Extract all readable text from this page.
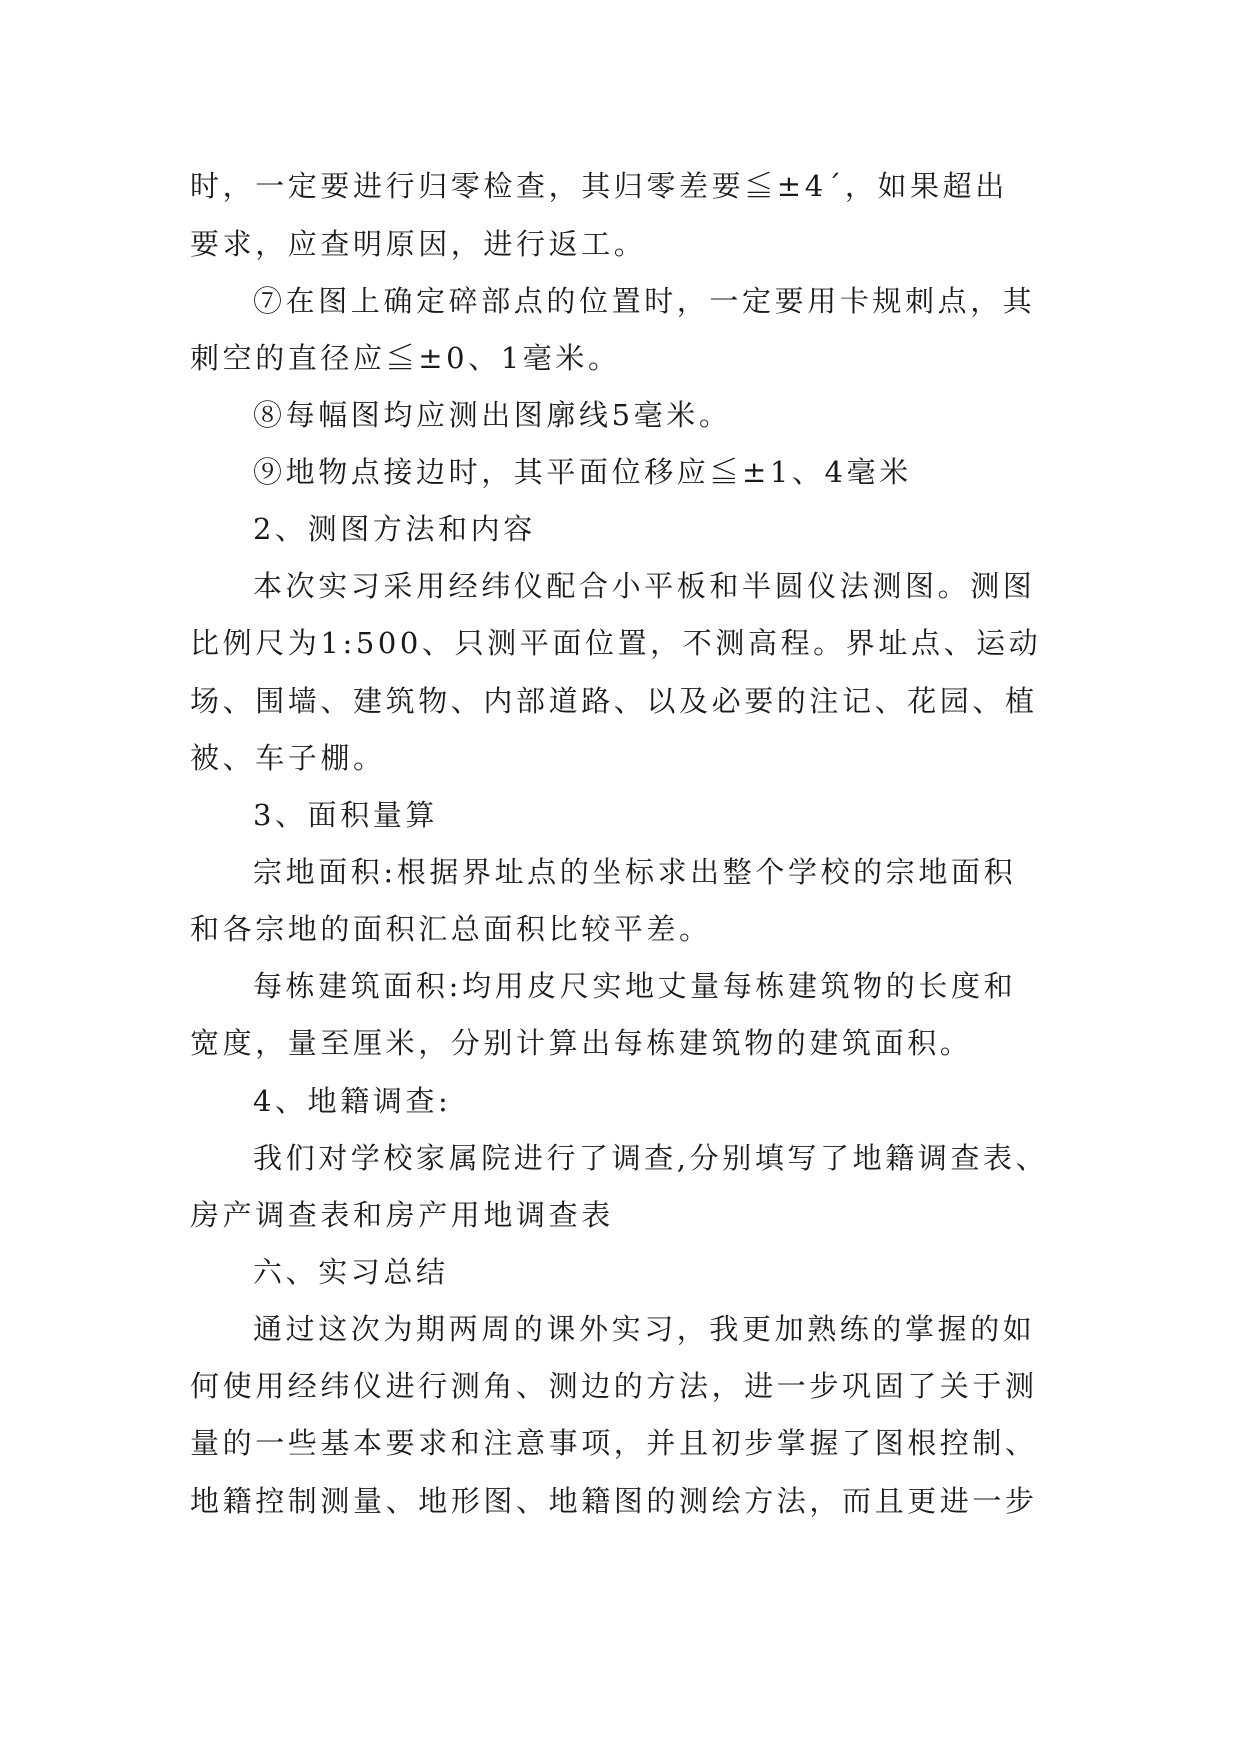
时，一定要进行归零检查，其归零差要≦±4´，如果超出
要求，应查明原因，进行返工。
⑦在图上确定碎部点的位置时，一定要用卡规刺点，其
刺空的直径应≦±0、1毫米。
⑧每幅图均应测出图廓线5毫米。
⑨地物点接边时，其平面位移应≦±1、4毫米
2、测图方法和内容
本次实习采用经纬仪配合小平板和半圆仪法测图。测图
比例尺为1:500、只测平面位置，不测高程。界址点、运动
场、围墙、建筑物、内部道路、以及必要的注记、花园、植
被、车子棚。
3、面积量算
宗地面积:根据界址点的坐标求出整个学校的宗地面积
和各宗地的面积汇总面积比较平差。
每栋建筑面积:均用皮尺实地丈量每栋建筑物的长度和
宽度，量至厘米，分别计算出每栋建筑物的建筑面积。
4、地籍调查:
我们对学校家属院进行了调查,分别填写了地籍调查表、
房产调查表和房产用地调查表
六、实习总结
通过这次为期两周的课外实习，我更加熟练的掌握的如
何使用经纬仪进行测角、测边的方法，进一步巩固了关于测
量的一些基本要求和注意事项，并且初步掌握了图根控制、
地籍控制测量、地形图、地籍图的测绘方法，而且更进一步
